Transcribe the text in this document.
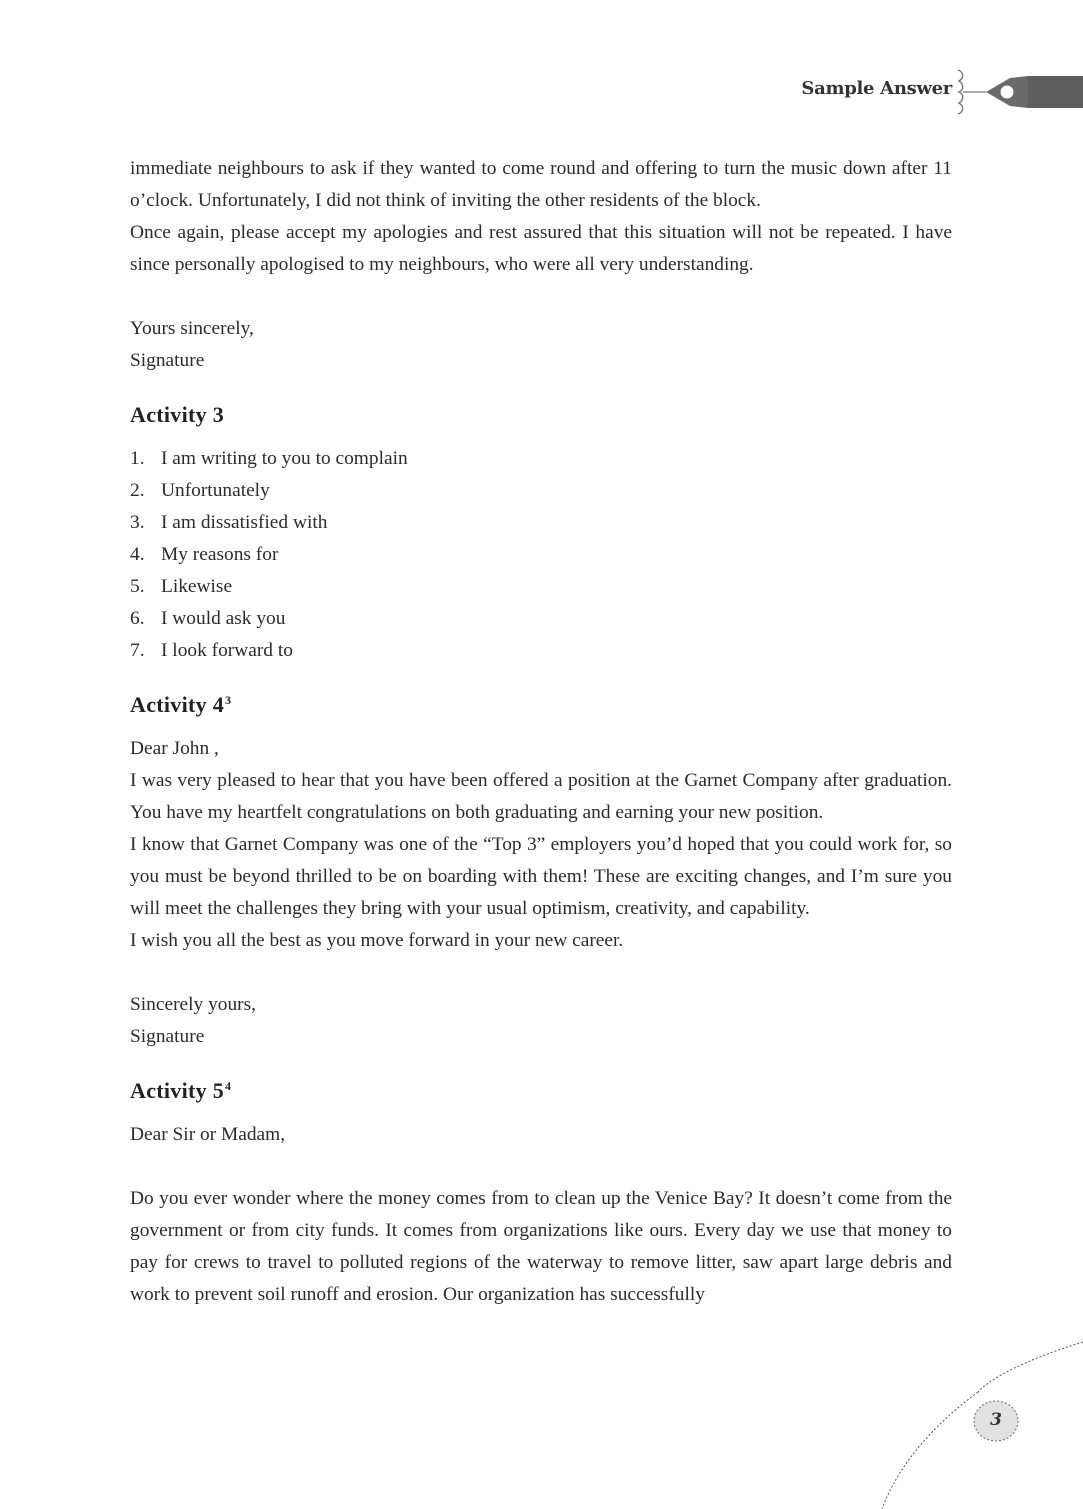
Sample Answer

immediate neighbours to ask if they wanted to come round and offering to turn the music down after 11 o’clock. Unfortunately, I did not think of inviting the other residents of the block.

Once again, please accept my apologies and rest assured that this situation will not be repeated. I have since personally apologised to my neighbours, who were all very understanding.

Yours sincerely,

Signature

Activity 3
1. I am writing to you to complain
2. Unfortunately
3. I am dissatisfied with
4. My reasons for
5. Likewise
6. I would ask you
7. I look forward to
Activity $4^3$

Dear John ,

I was very pleased to hear that you have been offered a position at the Garnet Company after graduation. You have my heartfelt congratulations on both graduating and earning your new position.

I know that Garnet Company was one of the “Top 3” employers you’d hoped that you could work for, so you must be beyond thrilled to be on boarding with them! These are exciting changes, and I’m sure you will meet the challenges they bring with your usual optimism, creativity, and capability.

I wish you all the best as you move forward in your new career.

Sincerely yours,

Signature

Activity $5^4$

Dear Sir or Madam,

Do you ever wonder where the money comes from to clean up the Venice Bay? It doesn’t come from the government or from city funds. It comes from organizations like ours. Every day we use that money to pay for crews to travel to polluted regions of the waterway to remove litter, saw apart large debris and work to prevent soil runoff and erosion. Our organization has successfully

3
